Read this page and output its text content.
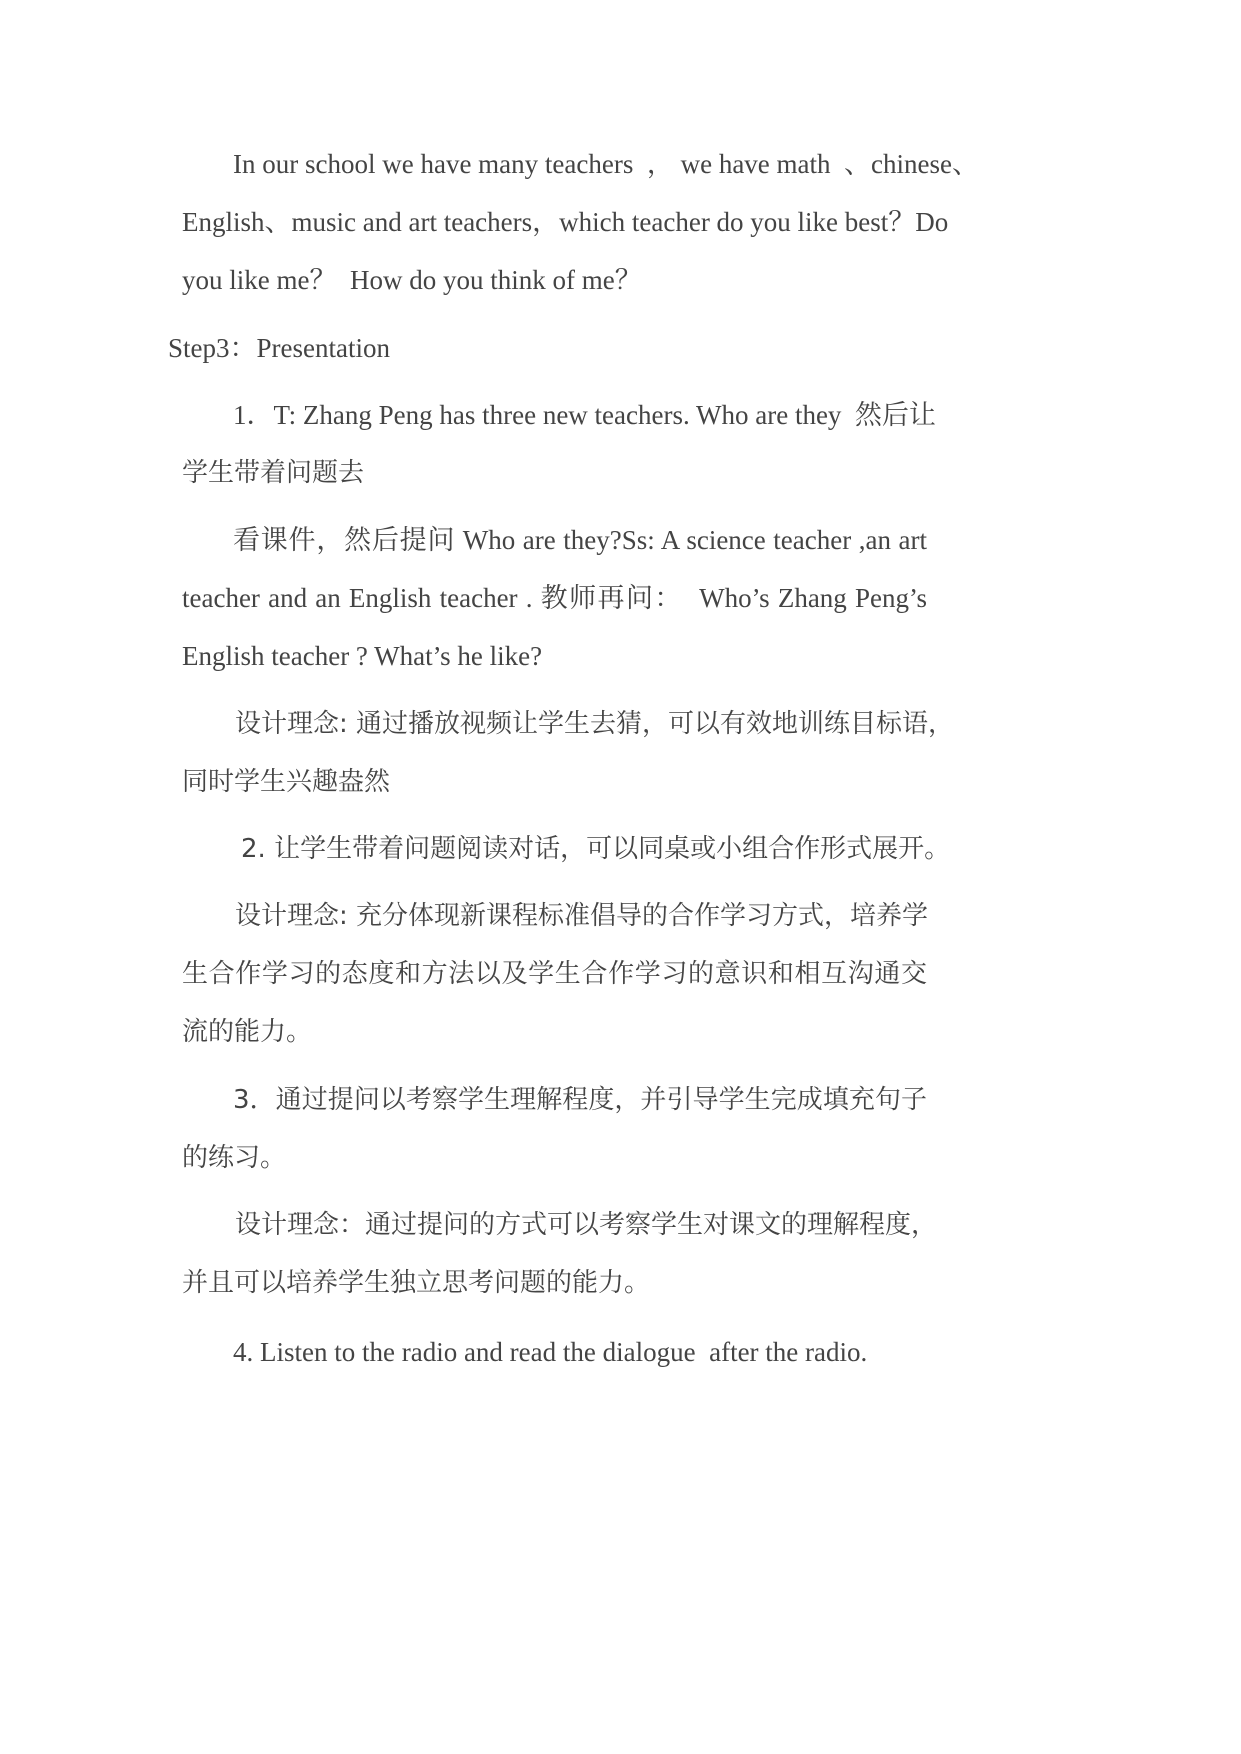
In our school we have many teachers  ， we have math  、chinese、
English、music and art teachers，which teacher do you like best？Do
you like me？  How do you think of me？
Step3：Presentation
1．T: Zhang Peng has three new teachers. Who are they  然后让
学生带着问题去
看课件，然后提问 Who are they?Ss: A science teacher ,an art
teacher and an English teacher . 教师再问：  Who’s Zhang Peng’s
English teacher ? What’s he like?
设计理念: 通过播放视频让学生去猜，可以有效地训练目标语，
同时学生兴趣盎然
2. 让学生带着问题阅读对话，可以同桌或小组合作形式展开。
设计理念: 充分体现新课程标准倡导的合作学习方式，培养学
生合作学习的态度和方法以及学生合作学习的意识和相互沟通交
流的能力。
3．通过提问以考察学生理解程度，并引导学生完成填充句子
的练习。
设计理念：通过提问的方式可以考察学生对课文的理解程度，
并且可以培养学生独立思考问题的能力。
4. Listen to the radio and read the dialogue  after the radio.
